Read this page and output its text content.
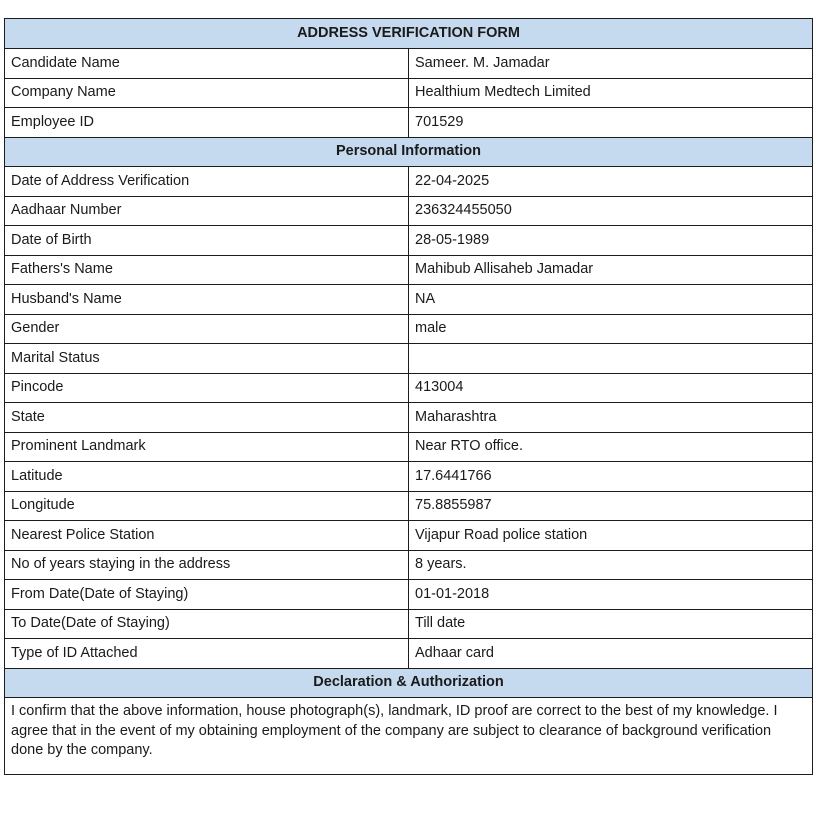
ADDRESS VERIFICATION FORM	
Candidate Name	Sameer. M. Jamadar
Company Name	Healthium Medtech Limited
Employee ID	701529
Personal Information	
Date of Address Verification	22-04-2025
Aadhaar Number	236324455050
Date of Birth	28-05-1989
Fathers's Name	Mahibub Allisaheb Jamadar
Husband's Name	NA
Gender	male
Marital Status	
Pincode	413004
State	Maharashtra
Prominent Landmark	Near RTO office.
Latitude	17.6441766
Longitude	75.8855987
Nearest Police Station	Vijapur Road police station
No of years staying in the address	8 years.
From Date(Date of Staying)	01-01-2018
To Date(Date of Staying)	Till date
Type of ID Attached	Adhaar card
Declaration & Authorization	
I confirm that the above information, house photograph(s), landmark, ID proof are correct to the best of my knowledge. I agree that in the event of my obtaining employment of the company are subject to clearance of background verification done by the company.	
